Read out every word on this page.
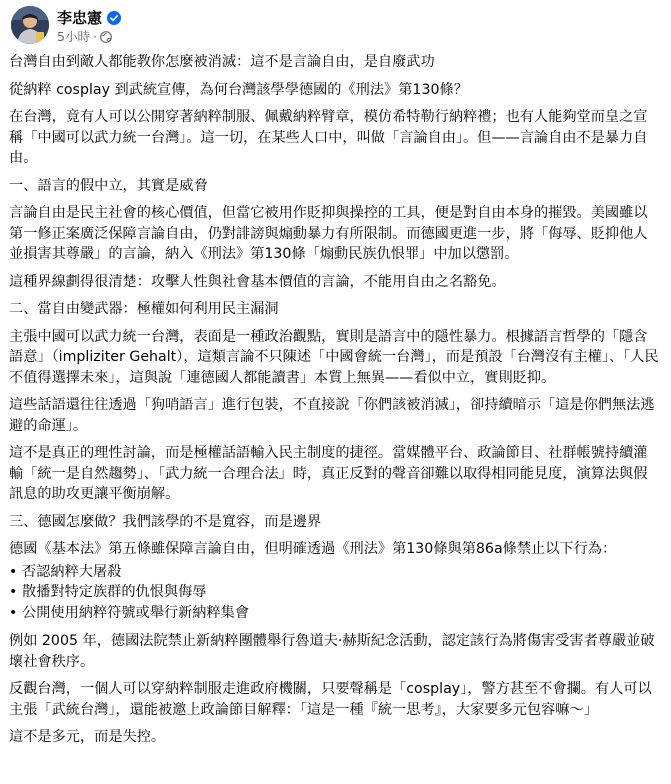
李忠憲
5小時 ·

台灣自由到敵人都能教你怎麼被消滅：這不是言論自由，是自廢武功

從納粹 cosplay 到武統宣傳，為何台灣該學學德國的《刑法》第130條？

在台灣，竟有人可以公開穿著納粹制服、佩戴納粹臂章，模仿希特勒行納粹禮；也有人能夠堂而皇之宣稱「中國可以武力統一台灣」。這一切，在某些人口中，叫做「言論自由」。但——言論自由不是暴力自由。

一、語言的假中立，其實是威脅

言論自由是民主社會的核心價值，但當它被用作貶抑與操控的工具，便是對自由本身的摧毀。美國雖以第一修正案廣泛保障言論自由，仍對誹謗與煽動暴力有所限制。而德國更進一步，將「侮辱、貶抑他人並損害其尊嚴」的言論，納入《刑法》第130條「煽動民族仇恨罪」中加以懲罰。

這種界線劃得很清楚：攻擊人性與社會基本價值的言論，不能用自由之名豁免。

二、當自由變武器：極權如何利用民主漏洞

主張中國可以武力統一台灣，表面是一種政治觀點，實則是語言中的隱性暴力。根據語言哲學的「隱含語意」（impliziter Gehalt），這類言論不只陳述「中國會統一台灣」，而是預設「台灣沒有主權」、「人民不值得選擇未來」，這與說「連德國人都能讀書」本質上無異——看似中立，實則貶抑。

這些話語還往往透過「狗哨語言」進行包裝，不直接說「你們該被消滅」，卻持續暗示「這是你們無法逃避的命運」。

這不是真正的理性討論，而是極權話語輸入民主制度的捷徑。當媒體平台、政論節目、社群帳號持續灌輸「統一是自然趨勢」、「武力統一合理合法」時，真正反對的聲音卻難以取得相同能見度，演算法與假訊息的助攻更讓平衡崩解。

三、德國怎麼做？我們該學的不是寬容，而是邊界

德國《基本法》第五條雖保障言論自由，但明確透過《刑法》第130條與第86a條禁止以下行為：

• 否認納粹大屠殺
• 散播對特定族群的仇恨與侮辱
• 公開使用納粹符號或舉行新納粹集會

例如 2005 年，德國法院禁止新納粹團體舉行魯道夫·赫斯紀念活動，認定該行為將傷害受害者尊嚴並破壞社會秩序。

反觀台灣，一個人可以穿納粹制服走進政府機關，只要聲稱是「cosplay」，警方甚至不會攔。有人可以主張「武統台灣」，還能被邀上政論節目解釋：「這是一種『統一思考』，大家要多元包容嘛～」

這不是多元，而是失控。
